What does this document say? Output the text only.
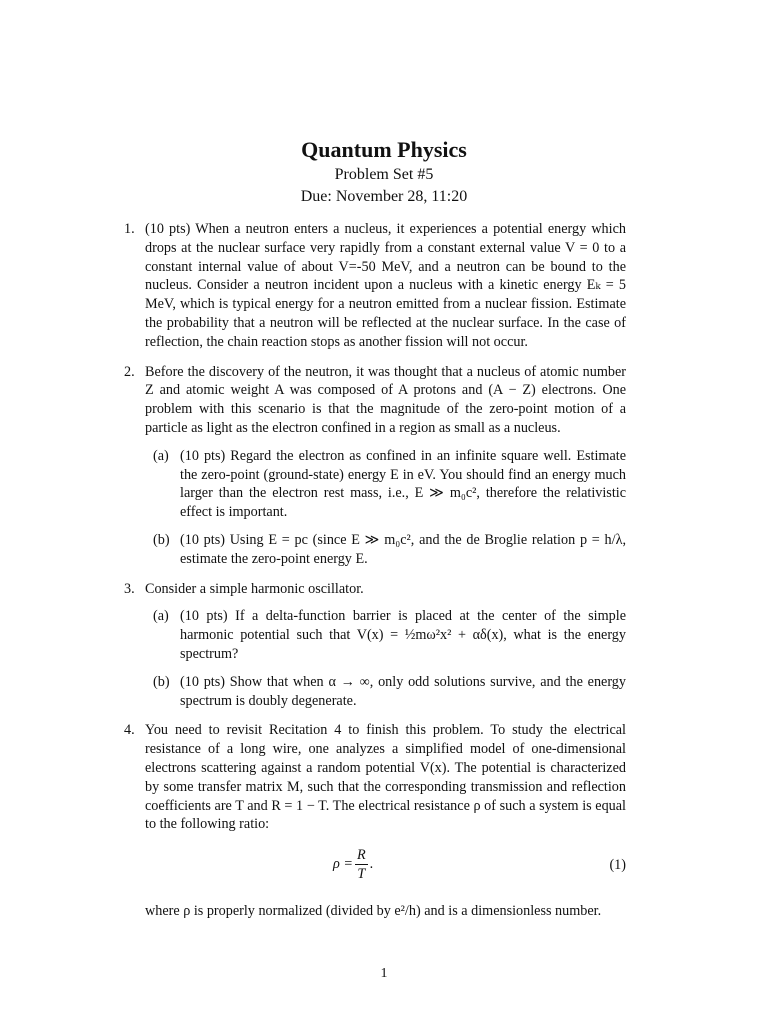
Quantum Physics
Problem Set #5
Due: November 28, 11:20
1. (10 pts) When a neutron enters a nucleus, it experiences a potential energy which drops at the nuclear surface very rapidly from a constant external value V = 0 to a constant internal value of about V=-50 MeV, and a neutron can be bound to the nucleus. Consider a neutron incident upon a nucleus with a kinetic energy Eₖ = 5 MeV, which is typical energy for a neutron emitted from a nuclear fission. Estimate the probability that a neutron will be reflected at the nuclear surface. In the case of reflection, the chain reaction stops as another fission will not occur.
2. Before the discovery of the neutron, it was thought that a nucleus of atomic number Z and atomic weight A was composed of A protons and (A − Z) electrons. One problem with this scenario is that the magnitude of the zero-point motion of a particle as light as the electron confined in a region as small as a nucleus.
(a) (10 pts) Regard the electron as confined in an infinite square well. Estimate the zero-point (ground-state) energy E in eV. You should find an energy much larger than the electron rest mass, i.e., E ≫ m₀c², therefore the relativistic effect is important.
(b) (10 pts) Using E = pc (since E ≫ m₀c², and the de Broglie relation p = h/λ, estimate the zero-point energy E.
3. Consider a simple harmonic oscillator.
(a) (10 pts) If a delta-function barrier is placed at the center of the simple harmonic potential such that V(x) = ½mω²x² + αδ(x), what is the energy spectrum?
(b) (10 pts) Show that when α → ∞, only odd solutions survive, and the energy spectrum is doubly degenerate.
4. You need to revisit Recitation 4 to finish this problem. To study the electrical resistance of a long wire, one analyzes a simplified model of one-dimensional electrons scattering against a random potential V(x). The potential is characterized by some transfer matrix M, such that the corresponding transmission and reflection coefficients are T and R = 1 − T. The electrical resistance ρ of such a system is equal to the following ratio:
$\rho = \frac{R}{T}$ .	(1)
where ρ is properly normalized (divided by e²/h) and is a dimensionless number.
1
